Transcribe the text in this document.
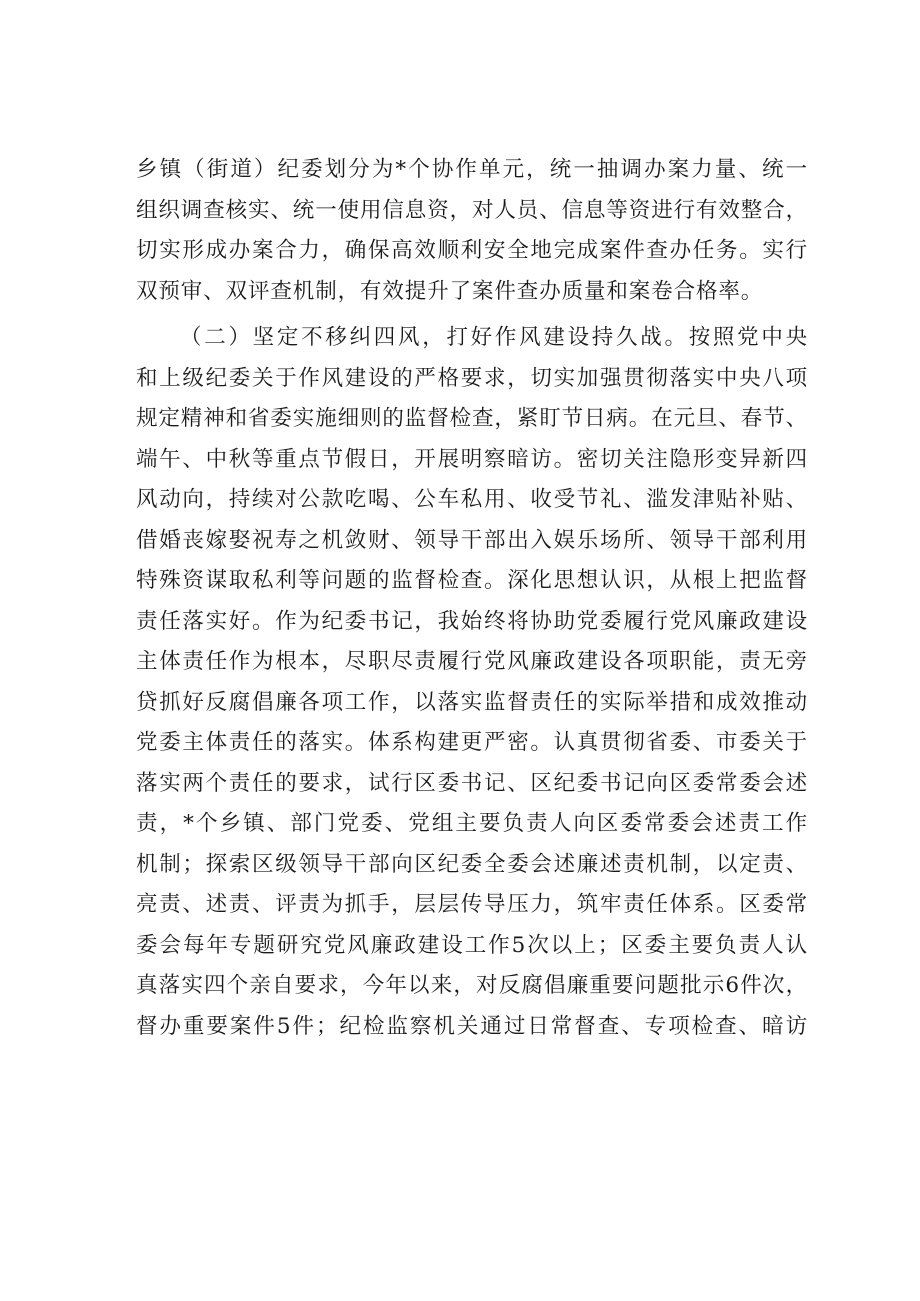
乡镇（街道）纪委划分为*个协作单元，统一抽调办案力量、统一
组织调查核实、统一使用信息资，对人员、信息等资进行有效整合，
切实形成办案合力，确保高效顺利安全地完成案件查办任务。实行
双预审、双评查机制，有效提升了案件查办质量和案卷合格率。
（二）坚定不移纠四风，打好作风建设持久战。按照党中央
和上级纪委关于作风建设的严格要求，切实加强贯彻落实中央八项
规定精神和省委实施细则的监督检查，紧盯节日病。在元旦、春节、
端午、中秋等重点节假日，开展明察暗访。密切关注隐形变异新四
风动向，持续对公款吃喝、公车私用、收受节礼、滥发津贴补贴、
借婚丧嫁娶祝寿之机敛财、领导干部出入娱乐场所、领导干部利用
特殊资谋取私利等问题的监督检查。深化思想认识，从根上把监督
责任落实好。作为纪委书记，我始终将协助党委履行党风廉政建设
主体责任作为根本，尽职尽责履行党风廉政建设各项职能，责无旁
贷抓好反腐倡廉各项工作，以落实监督责任的实际举措和成效推动
党委主体责任的落实。体系构建更严密。认真贯彻省委、市委关于
落实两个责任的要求，试行区委书记、区纪委书记向区委常委会述
责，*个乡镇、部门党委、党组主要负责人向区委常委会述责工作
机制；探索区级领导干部向区纪委全委会述廉述责机制，以定责、
亮责、述责、评责为抓手，层层传导压力，筑牢责任体系。区委常
委会每年专题研究党风廉政建设工作5次以上；区委主要负责人认
真落实四个亲自要求，今年以来，对反腐倡廉重要问题批示6件次，
督办重要案件5件；纪检监察机关通过日常督查、专项检查、暗访
